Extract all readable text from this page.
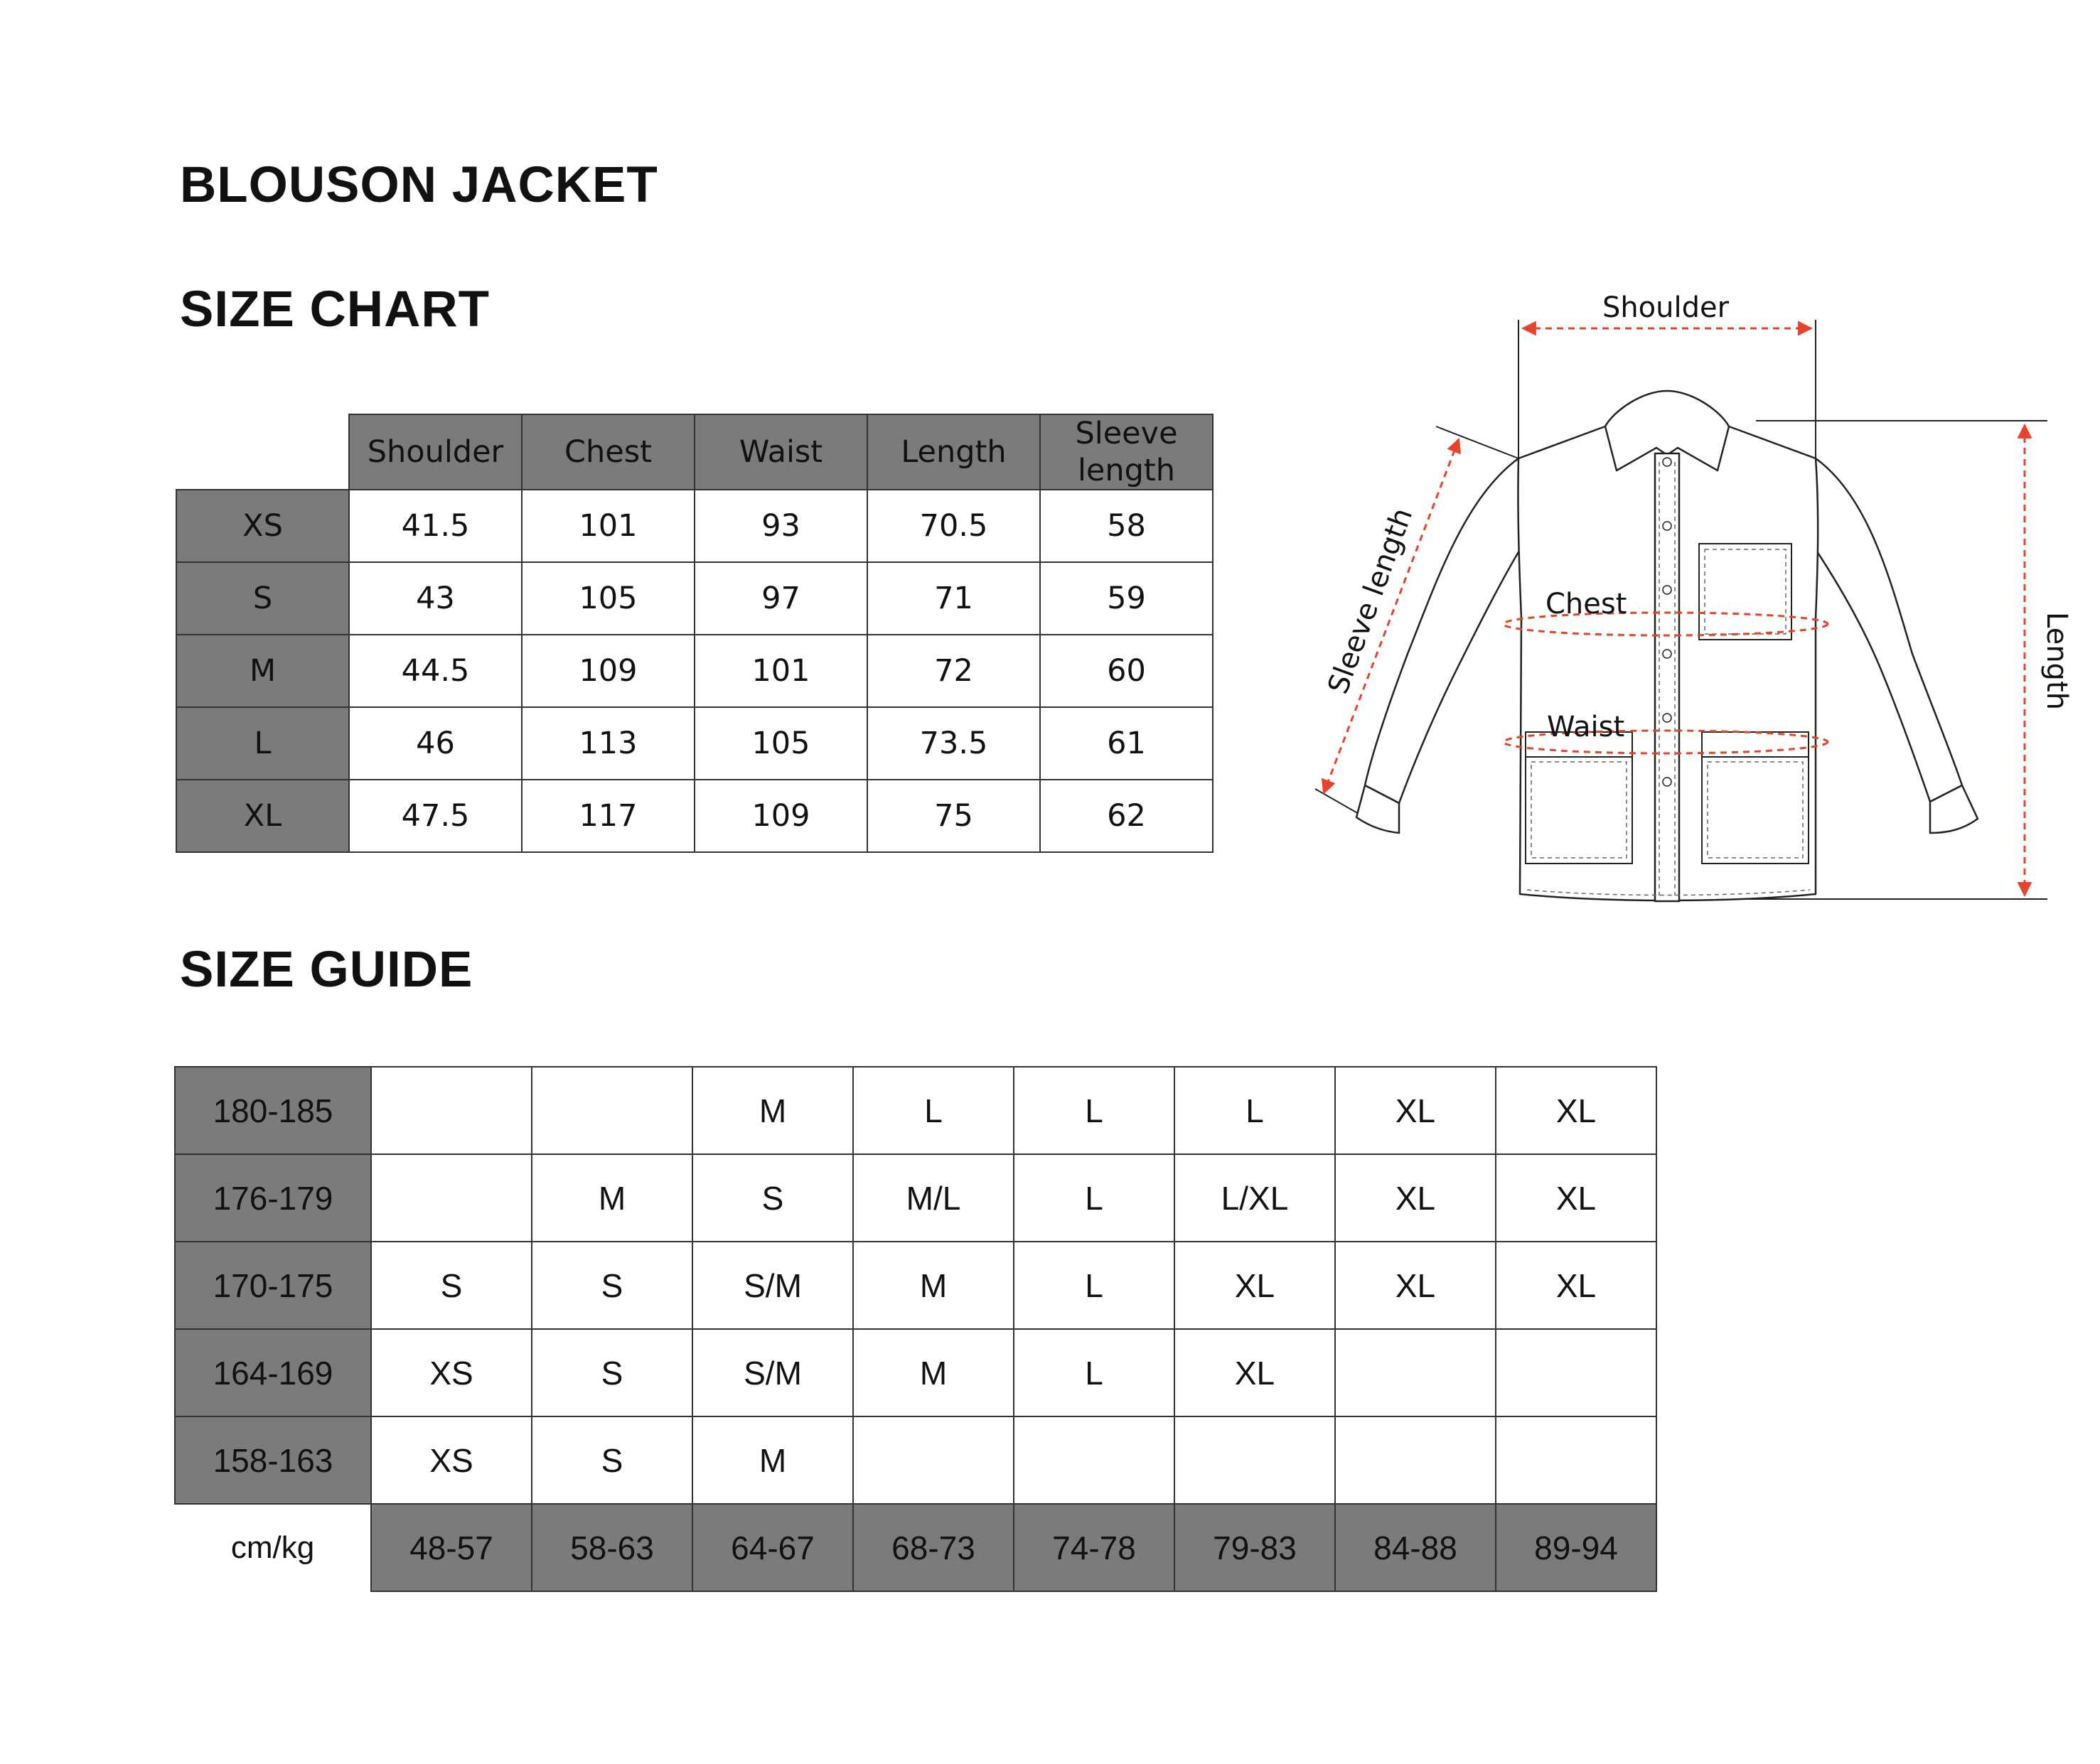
BLOUSON JACKET
SIZE CHART
SIZE GUIDE
	Shoulder	Chest	Waist	Length	Sleeve length
XS	41.5	101	93	70.5	58
S	43	105	97	71	59
M	44.5	109	101	72	60
L	46	113	105	73.5	61
XL	47.5	117	109	75	62
Shoulder
Chest
Waist
Length
Sleeve length
180-185			M	L	L	L	XL	XL
176-179		M	S	M/L	L	L/XL	XL	XL
170-175	S	S	S/M	M	L	XL	XL	XL
164-169	XS	S	S/M	M	L	XL		
158-163	XS	S	M					
cm/kg	48-57	58-63	64-67	68-73	74-78	79-83	84-88	89-94
